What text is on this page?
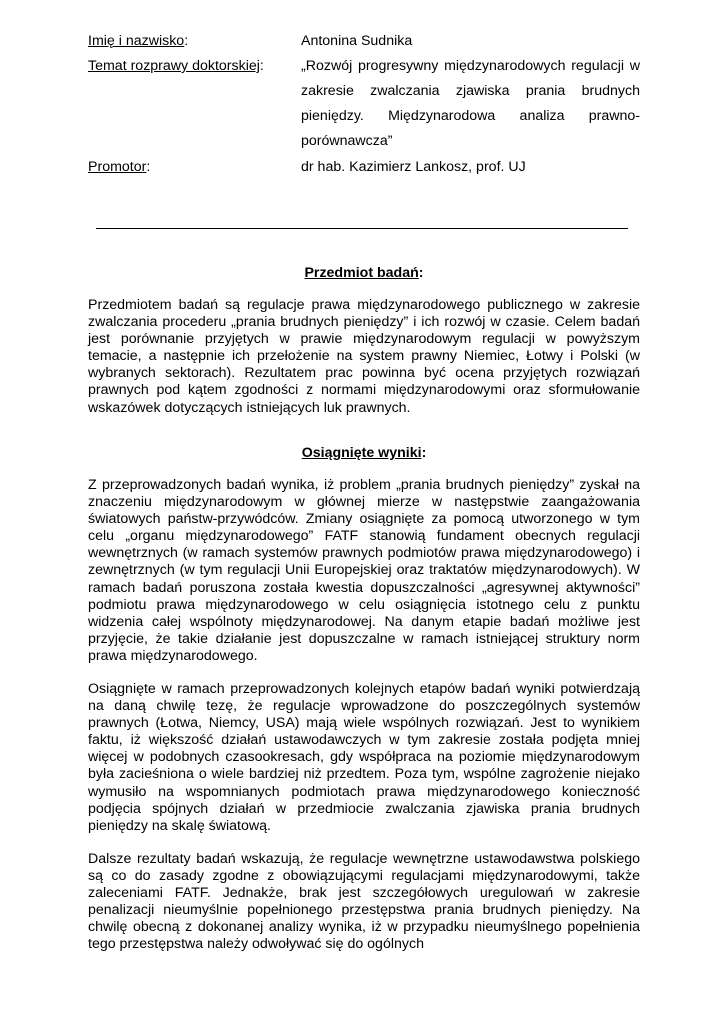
Imię i nazwisko:	Antonina Sudnika
Temat rozprawy doktorskiej:	„Rozwój progresywny międzynarodowych regulacji w zakresie zwalczania zjawiska prania brudnych pieniędzy. Międzynarodowa analiza prawno-porównawcza”
Promotor:	dr hab. Kazimierz Lankosz, prof. UJ
Przedmiot badań:
Przedmiotem badań są regulacje prawa międzynarodowego publicznego w zakresie zwalczania procederu „prania brudnych pieniędzy” i ich rozwój w czasie. Celem badań jest porównanie przyjętych w prawie międzynarodowym regulacji w powyższym temacie, a następnie ich przełożenie na system prawny Niemiec, Łotwy i Polski (w wybranych sektorach). Rezultatem prac powinna być ocena przyjętych rozwiązań prawnych pod kątem zgodności z normami międzynarodowymi oraz sformułowanie wskazówek dotyczących istniejących luk prawnych.
Osiągnięte wyniki:
Z przeprowadzonych badań wynika, iż problem „prania brudnych pieniędzy” zyskał na znaczeniu międzynarodowym w głównej mierze w następstwie zaangażowania światowych państw-przywódców. Zmiany osiągnięte za pomocą utworzonego w tym celu „organu międzynarodowego” FATF stanowią fundament obecnych regulacji wewnętrznych (w ramach systemów prawnych podmiotów prawa międzynarodowego) i zewnętrznych (w tym regulacji Unii Europejskiej oraz traktatów międzynarodowych). W ramach badań poruszona została kwestia dopuszczalności „agresywnej aktywności” podmiotu prawa międzynarodowego w celu osiągnięcia istotnego celu z punktu widzenia całej wspólnoty międzynarodowej. Na danym etapie badań możliwe jest przyjęcie, że takie działanie jest dopuszczalne w ramach istniejącej struktury norm prawa międzynarodowego.
Osiągnięte w ramach przeprowadzonych kolejnych etapów badań wyniki potwierdzają na daną chwilę tezę, że regulacje wprowadzone do poszczególnych systemów prawnych (Łotwa, Niemcy, USA) mają wiele wspólnych rozwiązań. Jest to wynikiem faktu, iż większość działań ustawodawczych w tym zakresie została podjęta mniej więcej w podobnych czasookresach, gdy współpraca na poziomie międzynarodowym była zacieśniona o wiele bardziej niż przedtem. Poza tym, wspólne zagrożenie niejako wymusiło na wspomnianych podmiotach prawa międzynarodowego konieczność podjęcia spójnych działań w przedmiocie zwalczania zjawiska prania brudnych pieniędzy na skalę światową.
Dalsze rezultaty badań wskazują, że regulacje wewnętrzne ustawodawstwa polskiego są co do zasady zgodne z obowiązującymi regulacjami międzynarodowymi, także zaleceniami FATF. Jednakże, brak jest szczegółowych uregulowań w zakresie penalizacji nieumyślnie popełnionego przestępstwa prania brudnych pieniędzy. Na chwilę obecną z dokonanej analizy wynika, iż w przypadku nieumyślnego popełnienia tego przestępstwa należy odwoływać się do ogólnych
